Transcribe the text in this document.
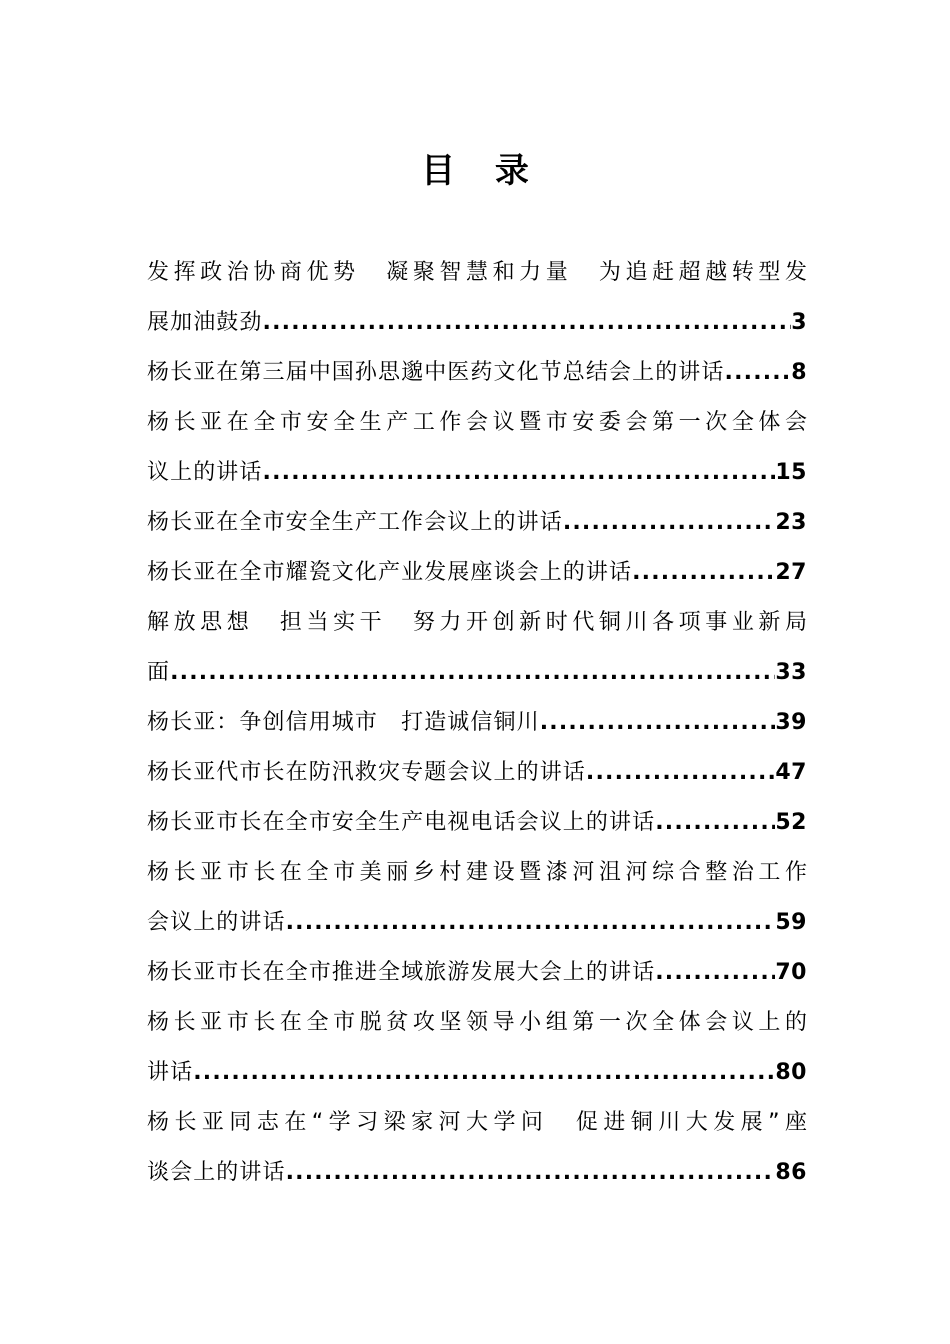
目 录
发挥政治协商优势　凝聚智慧和力量　为追赶超越转型发
展加油鼓劲 .....	3
杨长亚在第三届中国孙思邈中医药文化节总结会上的讲话 .....	8
杨长亚在全市安全生产工作会议暨市安委会第一次全体会
议上的讲话 .....	15
杨长亚在全市安全生产工作会议上的讲话 .....	23
杨长亚在全市耀瓷文化产业发展座谈会上的讲话 .....	27
解放思想　担当实干　努力开创新时代铜川各项事业新局
面 .....	33
杨长亚：争创信用城市　打造诚信铜川 .....	39
杨长亚代市长在防汛救灾专题会议上的讲话 .....	47
杨长亚市长在全市安全生产电视电话会议上的讲话 .....	52
杨长亚市长在全市美丽乡村建设暨漆河沮河综合整治工作
会议上的讲话 .....	59
杨长亚市长在全市推进全域旅游发展大会上的讲话 .....	70
杨长亚市长在全市脱贫攻坚领导小组第一次全体会议上的
讲话 .....	80
杨长亚同志在“学习梁家河大学问　促进铜川大发展”座
谈会上的讲话 .....	86
